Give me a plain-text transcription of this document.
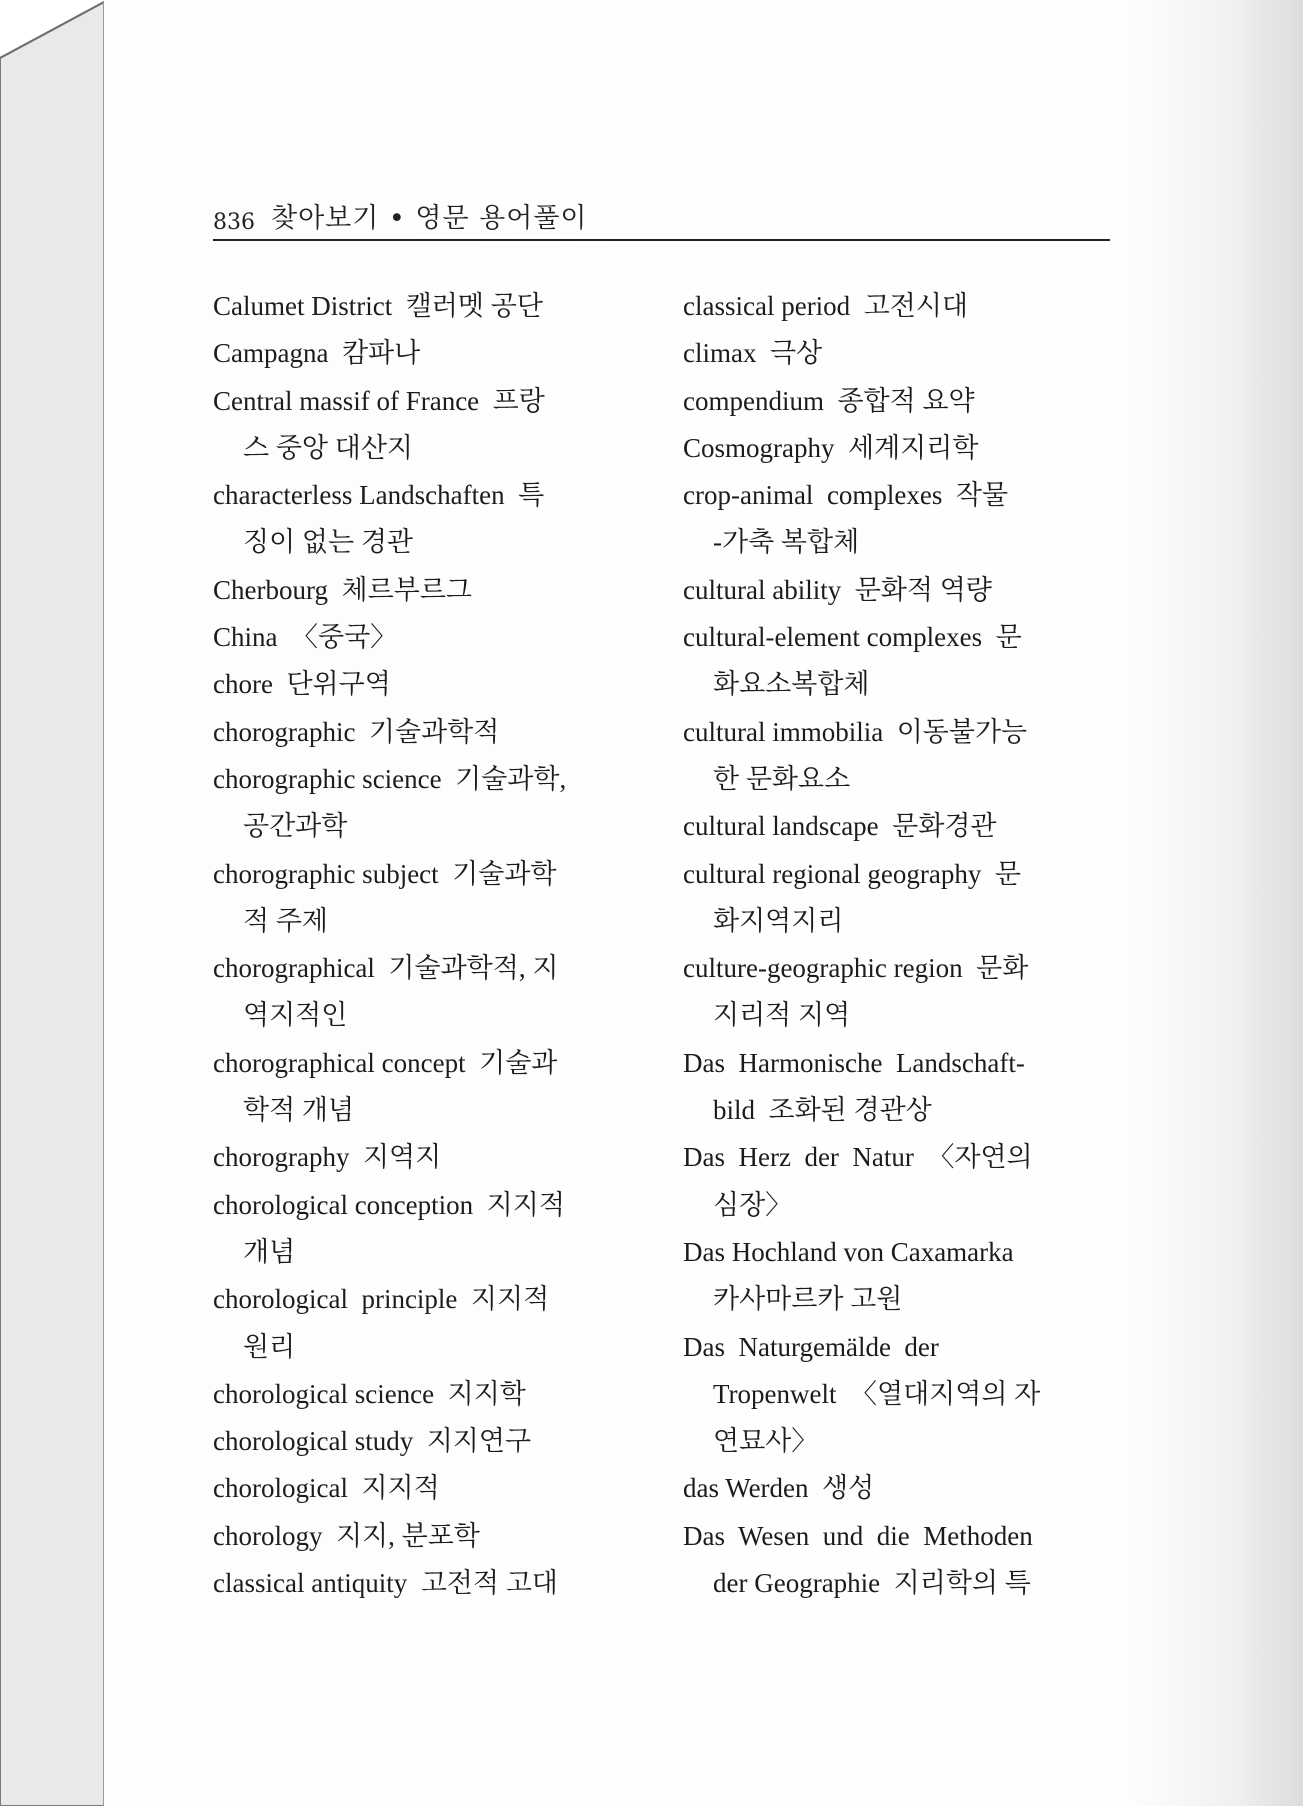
836 찾아보기 • 영문 용어풀이
Calumet District  캘러멧 공단
Campagna  캄파나
Central massif of France  프랑
스 중앙 대산지
characterless Landschaften  특
징이 없는 경관
Cherbourg  체르부르그
China  〈중국〉
chore  단위구역
chorographic  기술과학적
chorographic science  기술과학,
공간과학
chorographic subject  기술과학
적 주제
chorographical  기술과학적, 지
역지적인
chorographical concept  기술과
학적 개념
chorography  지역지
chorological conception  지지적
개념
chorological  principle  지지적
원리
chorological science  지지학
chorological study  지지연구
chorological  지지적
chorology  지지, 분포학
classical antiquity  고전적 고대
classical period  고전시대
climax  극상
compendium  종합적 요약
Cosmography  세계지리학
crop-animal  complexes  작물
-가축 복합체
cultural ability  문화적 역량
cultural-element complexes  문
화요소복합체
cultural immobilia  이동불가능
한 문화요소
cultural landscape  문화경관
cultural regional geography  문
화지역지리
culture-geographic region  문화
지리적 지역
Das  Harmonische  Landschaft-
bild  조화된 경관상
Das  Herz  der  Natur  〈자연의
심장〉
Das Hochland von Caxamarka
카사마르카 고원
Das  Naturgemälde  der
Tropenwelt  〈열대지역의 자
연묘사〉
das Werden  생성
Das  Wesen  und  die  Methoden
der Geographie  지리학의 특
